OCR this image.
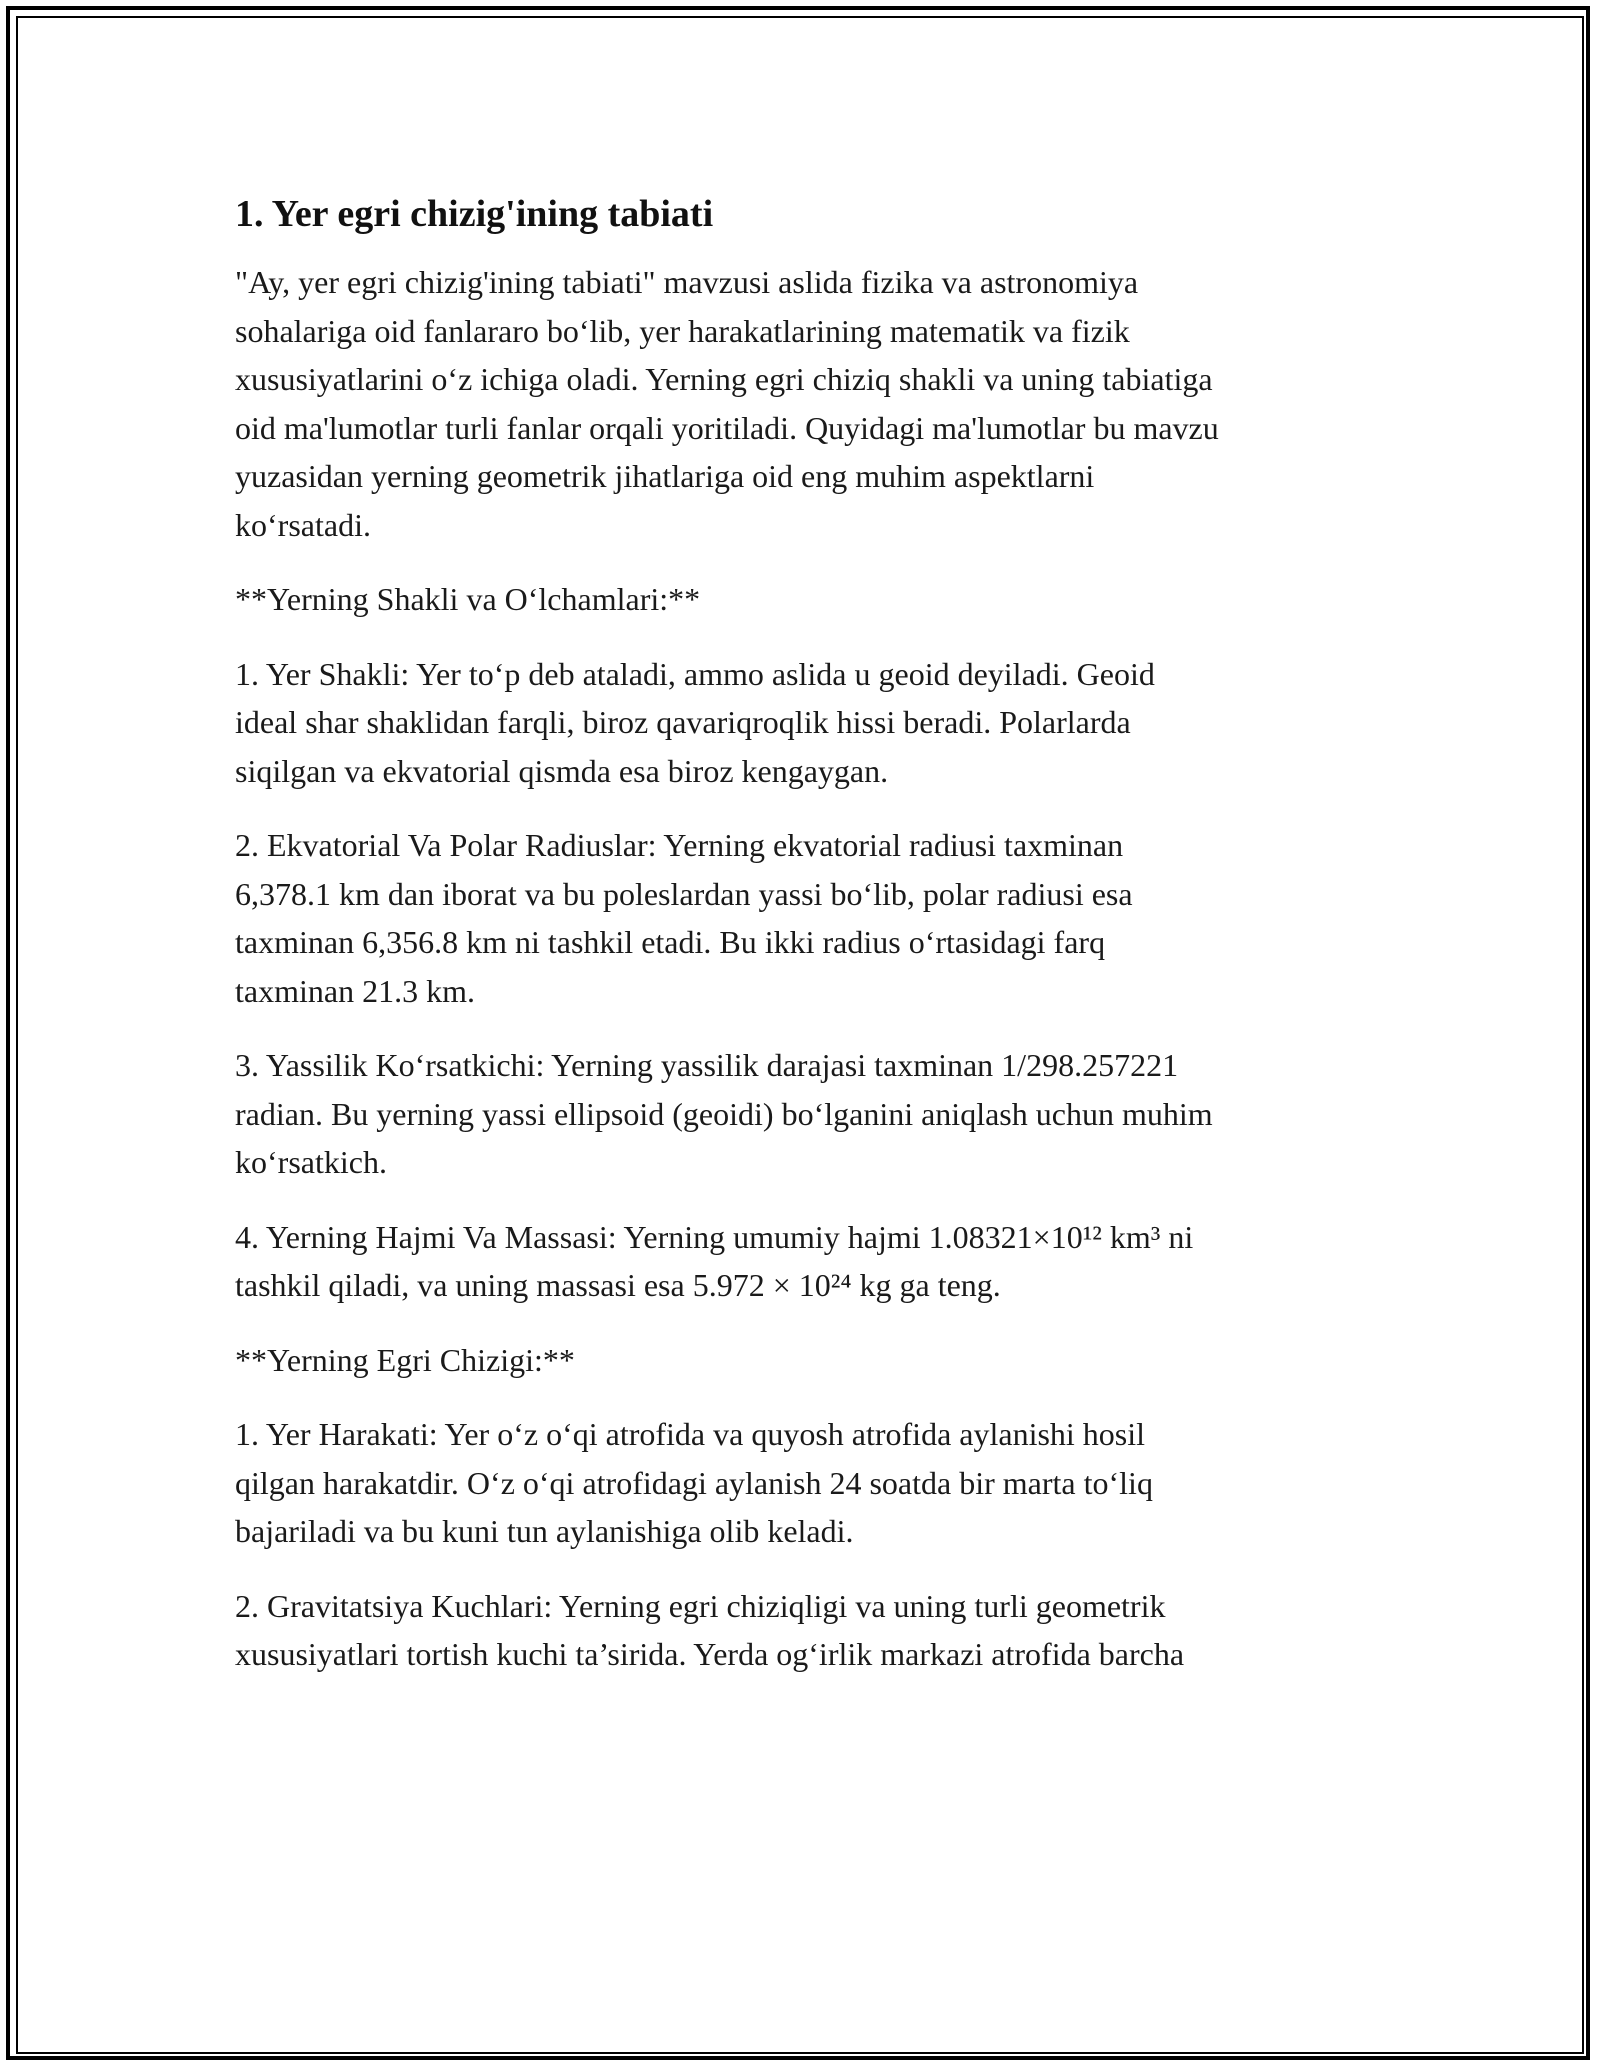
1. Yer egri chizig'ining tabiati

"Ay, yer egri chizig'ining tabiati" mavzusi aslida fizika va astronomiya
sohalariga oid fanlararo bo‘lib, yer harakatlarining matematik va fizik
xususiyatlarini o‘z ichiga oladi. Yerning egri chiziq shakli va uning tabiatiga
oid ma'lumotlar turli fanlar orqali yoritiladi. Quyidagi ma'lumotlar bu mavzu
yuzasidan yerning geometrik jihatlariga oid eng muhim aspektlarni
ko‘rsatadi.

**Yerning Shakli va O‘lchamlari:**

1. Yer Shakli: Yer to‘p deb ataladi, ammo aslida u geoid deyiladi. Geoid
ideal shar shaklidan farqli, biroz qavariqroqlik hissi beradi. Polarlarda
siqilgan va ekvatorial qismda esa biroz kengaygan.

2. Ekvatorial Va Polar Radiuslar: Yerning ekvatorial radiusi taxminan
6,378.1 km dan iborat va bu poleslardan yassi bo‘lib, polar radiusi esa
taxminan 6,356.8 km ni tashkil etadi. Bu ikki radius o‘rtasidagi farq
taxminan 21.3 km.

3. Yassilik Ko‘rsatkichi: Yerning yassilik darajasi taxminan 1/298.257221
radian. Bu yerning yassi ellipsoid (geoidi) bo‘lganini aniqlash uchun muhim
ko‘rsatkich.

4. Yerning Hajmi Va Massasi: Yerning umumiy hajmi 1.08321×10¹² km³ ni
tashkil qiladi, va uning massasi esa 5.972 × 10²⁴ kg ga teng.

**Yerning Egri Chizigi:**

1. Yer Harakati: Yer o‘z o‘qi atrofida va quyosh atrofida aylanishi hosil
qilgan harakatdir. O‘z o‘qi atrofidagi aylanish 24 soatda bir marta to‘liq
bajariladi va bu kuni tun aylanishiga olib keladi.

2. Gravitatsiya Kuchlari: Yerning egri chiziqligi va uning turli geometrik
xususiyatlari tortish kuchi ta’sirida. Yerda og‘irlik markazi atrofida barcha
